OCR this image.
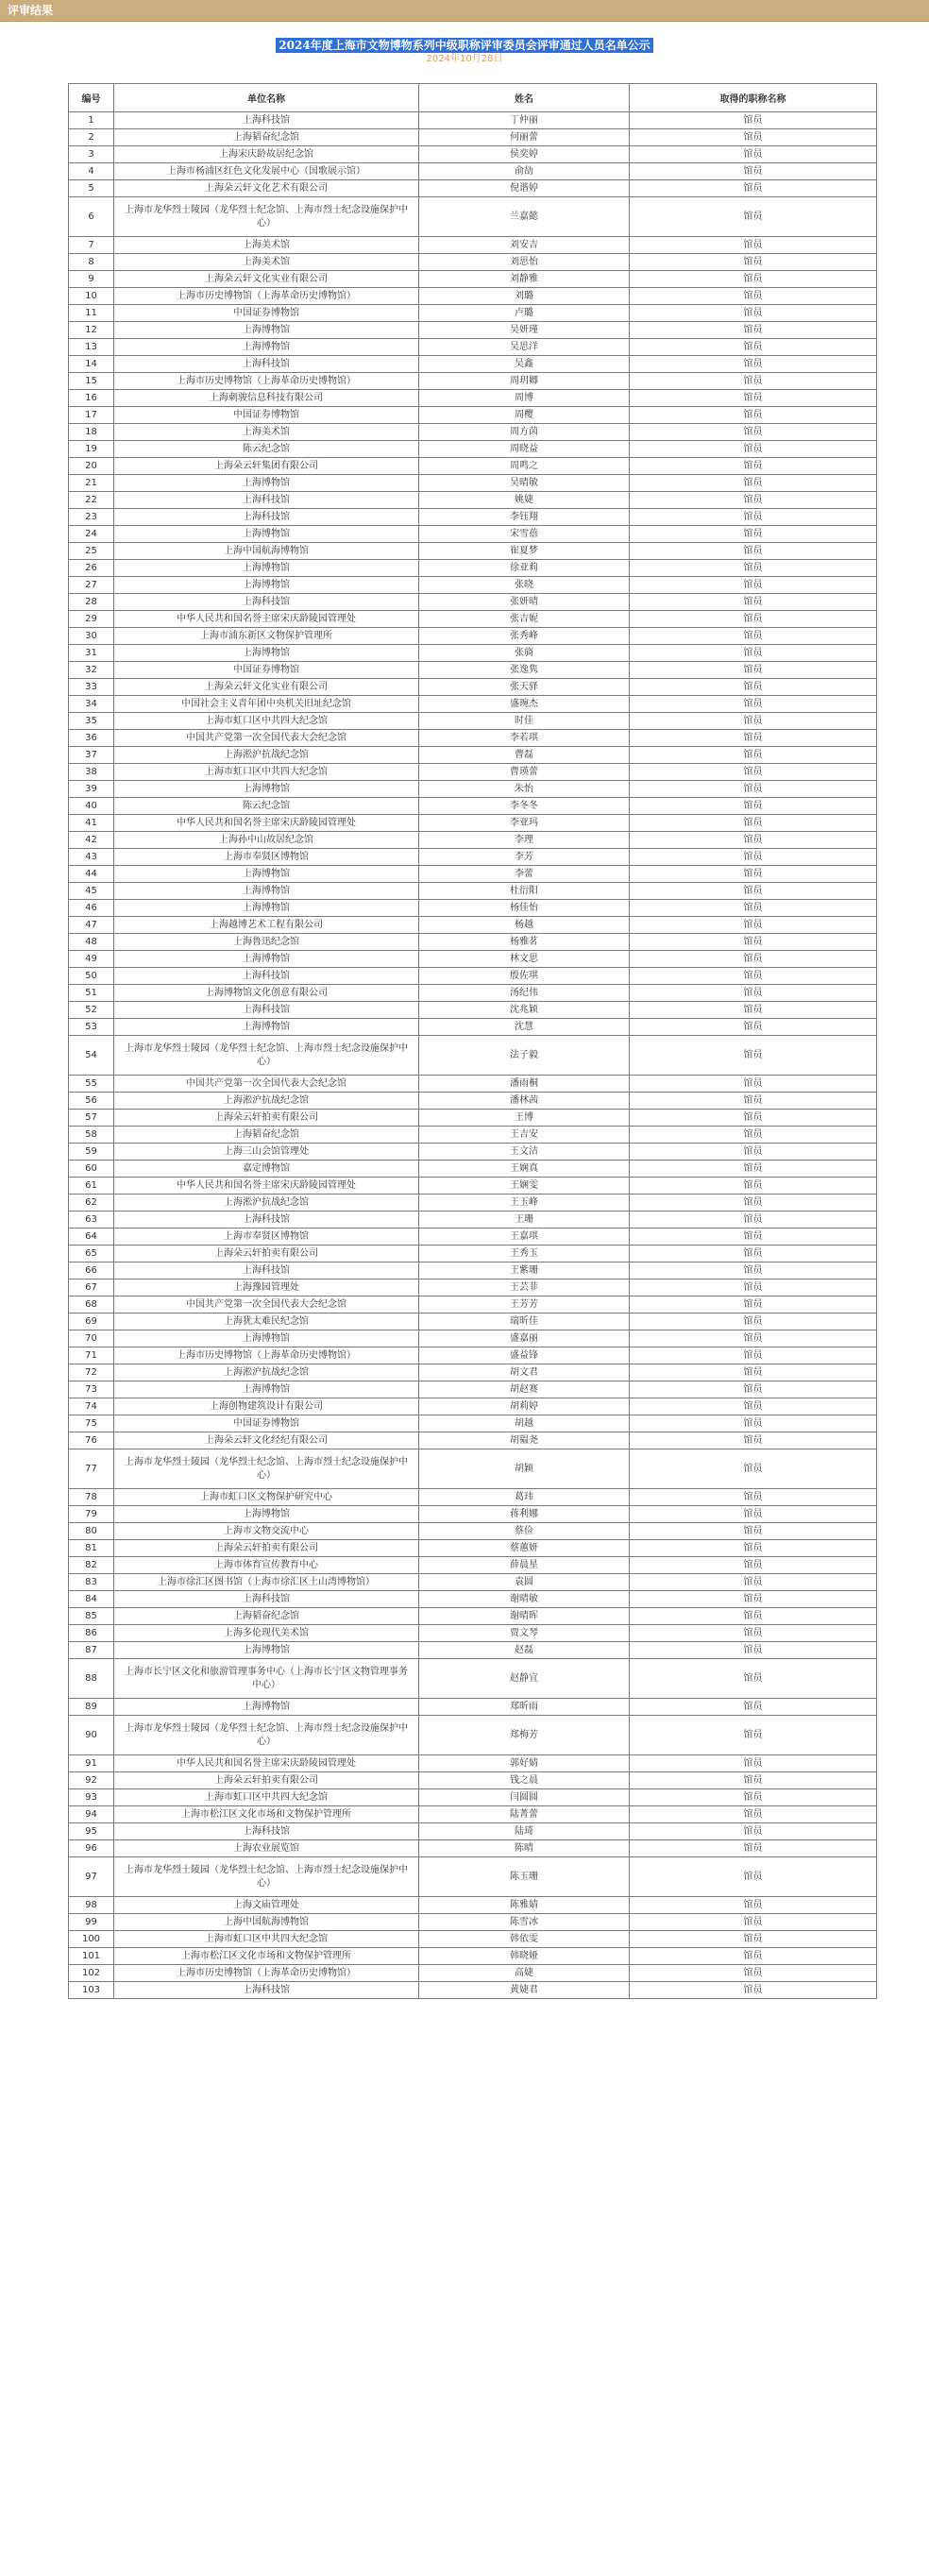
评审结果
2024年度上海市文物博物系列中级职称评审委员会评审通过人员名单公示
2024年10月28日
编号	单位名称	姓名	取得的职称名称
1	上海科技馆	丁仲丽	馆员
2	上海韬奋纪念馆	何丽蕾	馆员
3	上海宋庆龄故居纪念馆	侯奕婷	馆员
4	上海市杨浦区红色文化发展中心（国歌展示馆）	俞劼	馆员
5	上海朵云轩文化艺术有限公司	倪谐婷	馆员
6	上海市龙华烈士陵园（龙华烈士纪念馆、上海市烈士纪念设施保护中心）	兰嘉懿	馆员
7	上海美术馆	刘安吉	馆员
8	上海美术馆	刘思怡	馆员
9	上海朵云轩文化实业有限公司	刘静雅	馆员
10	上海市历史博物馆（上海革命历史博物馆）	刘璐	馆员
11	中国证券博物馆	卢璐	馆员
12	上海博物馆	吴妍瑾	馆员
13	上海博物馆	吴思洋	馆员
14	上海科技馆	吴鑫	馆员
15	上海市历史博物馆（上海革命历史博物馆）	周玥卿	馆员
16	上海刺骏信息科技有限公司	周博	馆员
17	中国证券博物馆	周樱	馆员
18	上海美术馆	周方茵	馆员
19	陈云纪念馆	周晓益	馆员
20	上海朵云轩集团有限公司	周鸣之	馆员
21	上海博物馆	吴晴敏	馆员
22	上海科技馆	姚婕	馆员
23	上海科技馆	李钰翔	馆员
24	上海博物馆	宋雪蓓	馆员
25	上海中国航海博物馆	崔夏梦	馆员
26	上海博物馆	徐亚莉	馆员
27	上海博物馆	张晓	馆员
28	上海科技馆	张妍晴	馆员
29	中华人民共和国名誉主席宋庆龄陵园管理处	张吉妮	馆员
30	上海市浦东新区文物保护管理所	张秀峰	馆员
31	上海博物馆	张旖	馆员
32	中国证券博物馆	张逸隽	馆员
33	上海朵云轩文化实业有限公司	张天驿	馆员
34	中国社会主义青年团中央机关旧址纪念馆	盛琬杰	馆员
35	上海市虹口区中共四大纪念馆	时佳	馆员
36	中国共产党第一次全国代表大会纪念馆	李若琪	馆员
37	上海淞沪抗战纪念馆	曹磊	馆员
38	上海市虹口区中共四大纪念馆	曹瑛蕾	馆员
39	上海博物馆	朱怡	馆员
40	陈云纪念馆	李冬冬	馆员
41	中华人民共和国名誉主席宋庆龄陵园管理处	李亚玛	馆员
42	上海孙中山故居纪念馆	李理	馆员
43	上海市奉贤区博物馆	李芳	馆员
44	上海博物馆	李蕾	馆员
45	上海博物馆	杜衍阳	馆员
46	上海博物馆	杨佳怡	馆员
47	上海越博艺术工程有限公司	杨越	馆员
48	上海鲁迅纪念馆	杨雅茗	馆员
49	上海博物馆	林文思	馆员
50	上海科技馆	殷佐琪	馆员
51	上海博物馆文化创意有限公司	汤纪伟	馆员
52	上海科技馆	沈兆颖	馆员
53	上海博物馆	沈慧	馆员
54	上海市龙华烈士陵园（龙华烈士纪念馆、上海市烈士纪念设施保护中心）	法子毅	馆员
55	中国共产党第一次全国代表大会纪念馆	潘雨桐	馆员
56	上海淞沪抗战纪念馆	潘林茜	馆员
57	上海朵云轩拍卖有限公司	王博	馆员
58	上海韬奋纪念馆	王吉安	馆员
59	上海三山会馆管理处	王文洁	馆员
60	嘉定博物馆	王娴真	馆员
61	中华人民共和国名誉主席宋庆龄陵园管理处	王娴雯	馆员
62	上海淞沪抗战纪念馆	王玉峰	馆员
63	上海科技馆	王珊	馆员
64	上海市奉贤区博物馆	王嘉琪	馆员
65	上海朵云轩拍卖有限公司	王秀玉	馆员
66	上海科技馆	王紫珊	馆员
67	上海豫园管理处	王芸菲	馆员
68	中国共产党第一次全国代表大会纪念馆	王芳芳	馆员
69	上海犹太难民纪念馆	瑞昕佳	馆员
70	上海博物馆	盛嘉丽	馆员
71	上海市历史博物馆（上海革命历史博物馆）	盛益锋	馆员
72	上海淞沪抗战纪念馆	胡文君	馆员
73	上海博物馆	胡赵赛	馆员
74	上海创物建筑设计有限公司	胡莉婷	馆员
75	中国证券博物馆	胡越	馆员
76	上海朵云轩文化经纪有限公司	胡韫尧	馆员
77	上海市龙华烈士陵园（龙华烈士纪念馆、上海市烈士纪念设施保护中心）	胡颖	馆员
78	上海市虹口区文物保护研究中心	葛玮	馆员
79	上海博物馆	蒋利娜	馆员
80	上海市文物交流中心	蔡俭	馆员
81	上海朵云轩拍卖有限公司	蔡蕙妍	馆员
82	上海市体育宣传教育中心	薛晨星	馆员
83	上海市徐汇区图书馆（上海市徐汇区土山湾博物馆）	袁圆	馆员
84	上海科技馆	谢晴敏	馆员
85	上海韬奋纪念馆	谢晴晖	馆员
86	上海多伦现代美术馆	贾文琴	馆员
87	上海博物馆	赵磊	馆员
88	上海市长宁区文化和旅游管理事务中心（上海市长宁区文物管理事务中心）	赵静宜	馆员
89	上海博物馆	郑昕雨	馆员
90	上海市龙华烈士陵园（龙华烈士纪念馆、上海市烈士纪念设施保护中心）	郑梅芳	馆员
91	中华人民共和国名誉主席宋庆龄陵园管理处	郭好婧	馆员
92	上海朵云轩拍卖有限公司	钱之晨	馆员
93	上海市虹口区中共四大纪念馆	闫圆圆	馆员
94	上海市松江区文化市场和文物保护管理所	陆菁蕾	馆员
95	上海科技馆	陆琦	馆员
96	上海农业展览馆	陈晴	馆员
97	上海市龙华烈士陵园（龙华烈士纪念馆、上海市烈士纪念设施保护中心）	陈玉珊	馆员
98	上海文庙管理处	陈雅婧	馆员
99	上海中国航海博物馆	陈雪冰	馆员
100	上海市虹口区中共四大纪念馆	韩依雯	馆员
101	上海市松江区文化市场和文物保护管理所	韩晓娅	馆员
102	上海市历史博物馆（上海革命历史博物馆）	高婕	馆员
103	上海科技馆	黄婕君	馆员
